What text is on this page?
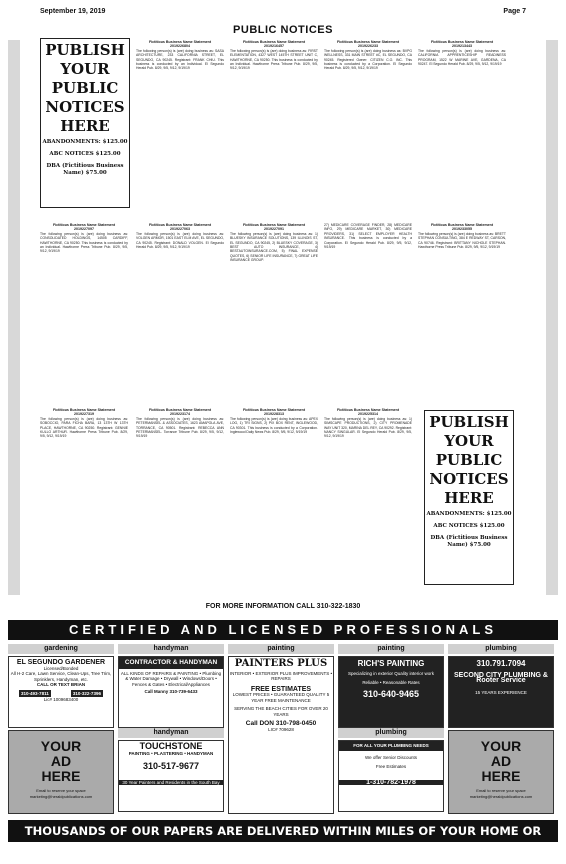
September 19, 2019	Page 7
PUBLIC NOTICES
PUBLISH
YOUR
PUBLIC
NOTICES
HERE
ABANDONMENTS: $125.00
ABC NOTICES $125.00
DBA (Fictitious Business Name) $75.00
Fictitious Business Name Statement
2019226804
The following person(s) is (are) doing business as: SASA ARCHITECTURE, 233 CALIFORNIA STREET, EL SEGUNDO, CA 90245. Registrant: FRANK CHIU. This business is conducted by an Individual. El Segundo Herald Pub. 8/29, 9/5, 9/12, 9/19/19
Fictitious Business Name Statement
2019216457
The following person(s) is (are) doing business as: FIRST ELEMENTATION, 4327 WEST 145TH STREET UNIT C, HAWTHORNE, CA 90250. This business is conducted by an Individual. Hawthorne Press Tribune Pub. 8/29, 9/5, 9/12, 9/19/19
Fictitious Business Name Statement
2019226233
The following person(s) is (are) doing business as: BVPG WELLNESS, 331 MAIN STREET #C, EL SEGUNDO, CA 90245. Registered Owner: CITIZEN C.O. INC. This business is conducted by a Corporation. El Segundo Herald Pub. 8/29, 9/5, 9/12, 9/19/19
Fictitious Business Name Statement
2019213443
The following person(s) is (are) doing business as: CALIFORNIA APPRENTICESHIP READINESS PROGRAM, 1522 W MARINE AVE, GARDENA, CA 90247. El Segundo Herald Pub. 8/29, 9/5, 9/12, 9/19/19
Fictitious Business Name Statement
2019227097
The following person(s) is (are) doing business as: CONSOLIDATED HOLDINGS, 14505 CARDIFF, HAWTHORNE, CA 90250. This business is conducted by an Individual. Hawthorne Press Tribune Pub. 8/29, 9/5, 9/12, 9/19/19
Fictitious Business Name Statement
2019227063
The following person(s) is (are) doing business as: VOLGEN ARMOR, 1501 EAST ELM AVE, EL SEGUNDO, CA 90245. Registrant: DONALD VOLGEN. El Segundo Herald Pub. 8/29, 9/5, 9/12, 9/19/19
Fictitious Business Name Statement
2019227091
The following person(s) is (are) doing business as: 1) BLUESKY INSURANCE SOLUTIONS, 139 ILLINOIS ST, EL SEGUNDO, CA 90245, 2) BLUESKY COVERAGE, 3) BEST AUTO INSURANCE, 4) BESTAUTOINSURANCE.COM, 5) FINAL EXPENSE QUOTES, 6) SENIOR LIFE INSURANCE, 7) GREAT LIFE INSURANCE GROUP.
27) MEDICARE COVERAGE FINDER, 28) MEDICARE INFO, 29) MEDICARE MARKET, 30) MEDICARE PROVIDERS, 31) SELECT EMPLOYER HEALTH INSURANCE. This business is conducted by a Corporation. El Segundo Herald Pub. 8/29, 9/5, 9/12, 9/19/19
Fictitious Business Name Statement
2019233055
The following person(s) is (are) doing business as: BRETT STEPHAN CONSULTING, 384 E REDWAY ST, CARSON, CA 90746. Registrant: BRITTANY NICHOLE STEPHAN. Hawthorne Press Tribune Pub. 8/29, 9/5, 9/12, 9/19/19
Fictitious Business Name Statement
2019227319
The following person(s) is (are) doing business as: SOBOCCIO, PARA FICHA BARA, 13 13TH W 13TH PLACE, HAWTHORNE, CA 90250. Registrant: GENNIE KULLO ARTHUR. Hawthorne Press Tribune Pub. 8/29, 9/5, 9/12, 9/19/19
Fictitious Business Name Statement
2019223174
The following person(s) is (are) doing business as: PETERMANSEL & ASSOCIATES, 1623 AMAPOLA AVE, TORRANCE, CA 90501. Registrant: REBECCA ANN PETERMANSEL. Torrance Tribune Pub. 8/29, 9/5, 9/12, 9/19/19
Fictitious Business Name Statement
2019228313
The following person(s) is (are) doing business as: APEX LOG, 1) TRI SIGNS, 2) PIX BOX RENT, INGLEWOOD, CA 90301. This business is conducted by a Corporation. Inglewood Daily News Pub. 8/29, 9/5, 9/12, 9/19/19
Fictitious Business Name Statement
2019225314
The following person(s) is (are) doing business as: 1) SIMSCAPE PRODUCTIONS, 2) CITY PROMENADE WAY UNIT 320, MARINA DEL REY, CA 90292. Registrant: NANCY SINGULAR. El Segundo Herald Pub. 8/29, 9/5, 9/12, 9/19/19
PUBLISH
YOUR
PUBLIC
NOTICES
HERE
ABANDONMENTS: $125.00
ABC NOTICES $125.00
DBA (Fictitious Business Name) $75.00
FOR MORE INFORMATION CALL 310-322-1830
CERTIFIED AND LICENSED PROFESSIONALS
gardening
EL SEGUNDO GARDENER
Licensed/Bonded
All H-2 Care, Lawn Service, Clean-Ups, Tree Trim, Sprinklers, Handyman, etc.
CALL OR TEXT BRIAN
310-493-7811	310-322-7396
Lic# 1009683400
YOUR
AD
HERE
Email to reserve your space marketing@heraldpublications.com
handyman
CONTRACTOR & HANDYMAN
ALL KINDS OF REPAIRS & PAINTING • Plumbing & Water Damage • Drywall • Windows/Doors • Fences & Gates • Electrical/Appliances
Call Manny 310-739-6433
handyman
TOUCHSTONE
PAINTING • PLASTERING • HANDYMAN
310-517-9677
30 Year Painters and Residents in the South Bay
painting
PAINTERS PLUS
INTERIOR • EXTERIOR PLUS IMPROVEMENTS • REPAIRS
FREE ESTIMATES
LOWEST PRICES • GUARANTEED QUALITY 5 YEAR FREE MAINTENANCE
SERVING THE BEACH CITIES FOR OVER 20 YEARS
Call DON 310-798-0450
LIC# 709628
painting
RICH'S PAINTING
Specializing in exterior Quality interior work
Reliable • Reasonable Rates
310-640-9465
plumbing
FOR ALL YOUR PLUMBING NEEDS
We offer Senior Discounts
Free Estimates
1-310-782-1978
plumbing
310.791.7094
SECOND CITY PLUMBING & Rooter Service
15 YEARS EXPERIENCE
YOUR
AD
HERE
Email to reserve your space marketing@heraldpublications.com
THOUSANDS OF OUR PAPERS ARE DELIVERED WITHIN MILES OF YOUR HOME OR BUSINESS.
